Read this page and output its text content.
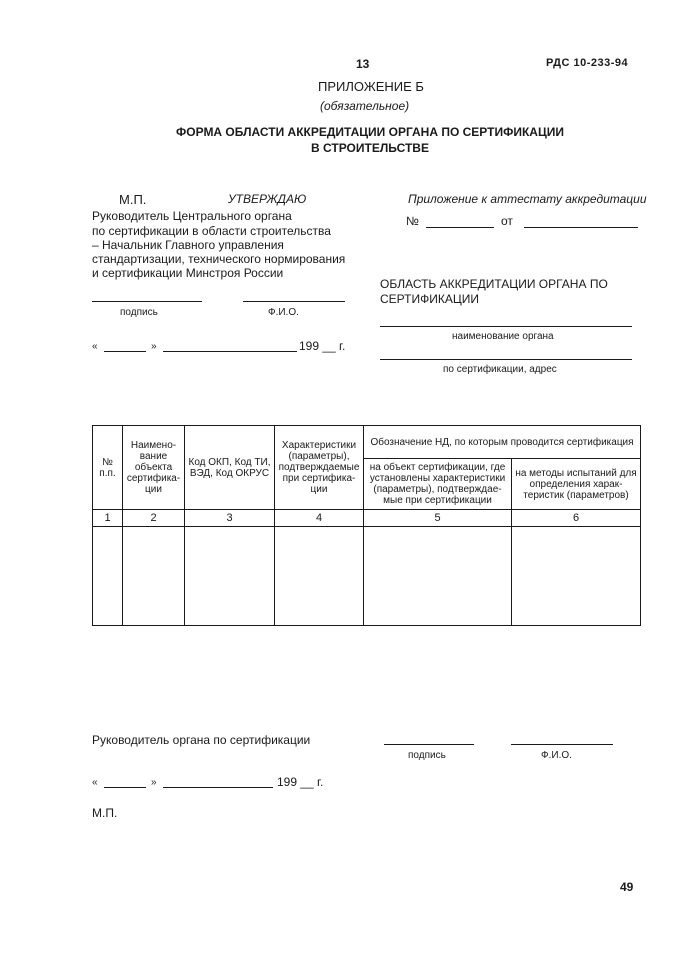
13	РДС 10-233-94
ПРИЛОЖЕНИЕ Б
(обязательное)
ФОРМА ОБЛАСТИ АККРЕДИТАЦИИ ОРГАНА ПО СЕРТИФИКАЦИИ
В СТРОИТЕЛЬСТВЕ
М.П.	УТВЕРЖДАЮ
Руководитель Центрального органа
по сертификации в области строительства
– Начальник Главного управления
стандартизации, технического нормирования
и сертификации Минстроя России
подпись	Ф.И.О.
«	»	199 __ г.
Приложение к аттестату аккредитации
№	от
ОБЛАСТЬ АККРЕДИТАЦИИ ОРГАНА ПО
СЕРТИФИКАЦИИ
наименование органа
по сертификации, адрес
№ п.п.	Наимено- вание объекта сертифика- ции	Код ОКП, Код ТИ, ВЭД, Код ОКРУС	Характеристики (параметры), подтверждаемые при сертифика- ции	Обозначение НД, по которым проводится сертификация	
				на объект сертификации, где установлены характеристики (параметры), подтверждае- мые при сертификации	на методы испытаний для определения харак- теристик (параметров)
1	2	3	4	5	6

Руководитель органа по сертификации
подпись	Ф.И.О.
«	»	199 __ г.
М.П.
49
